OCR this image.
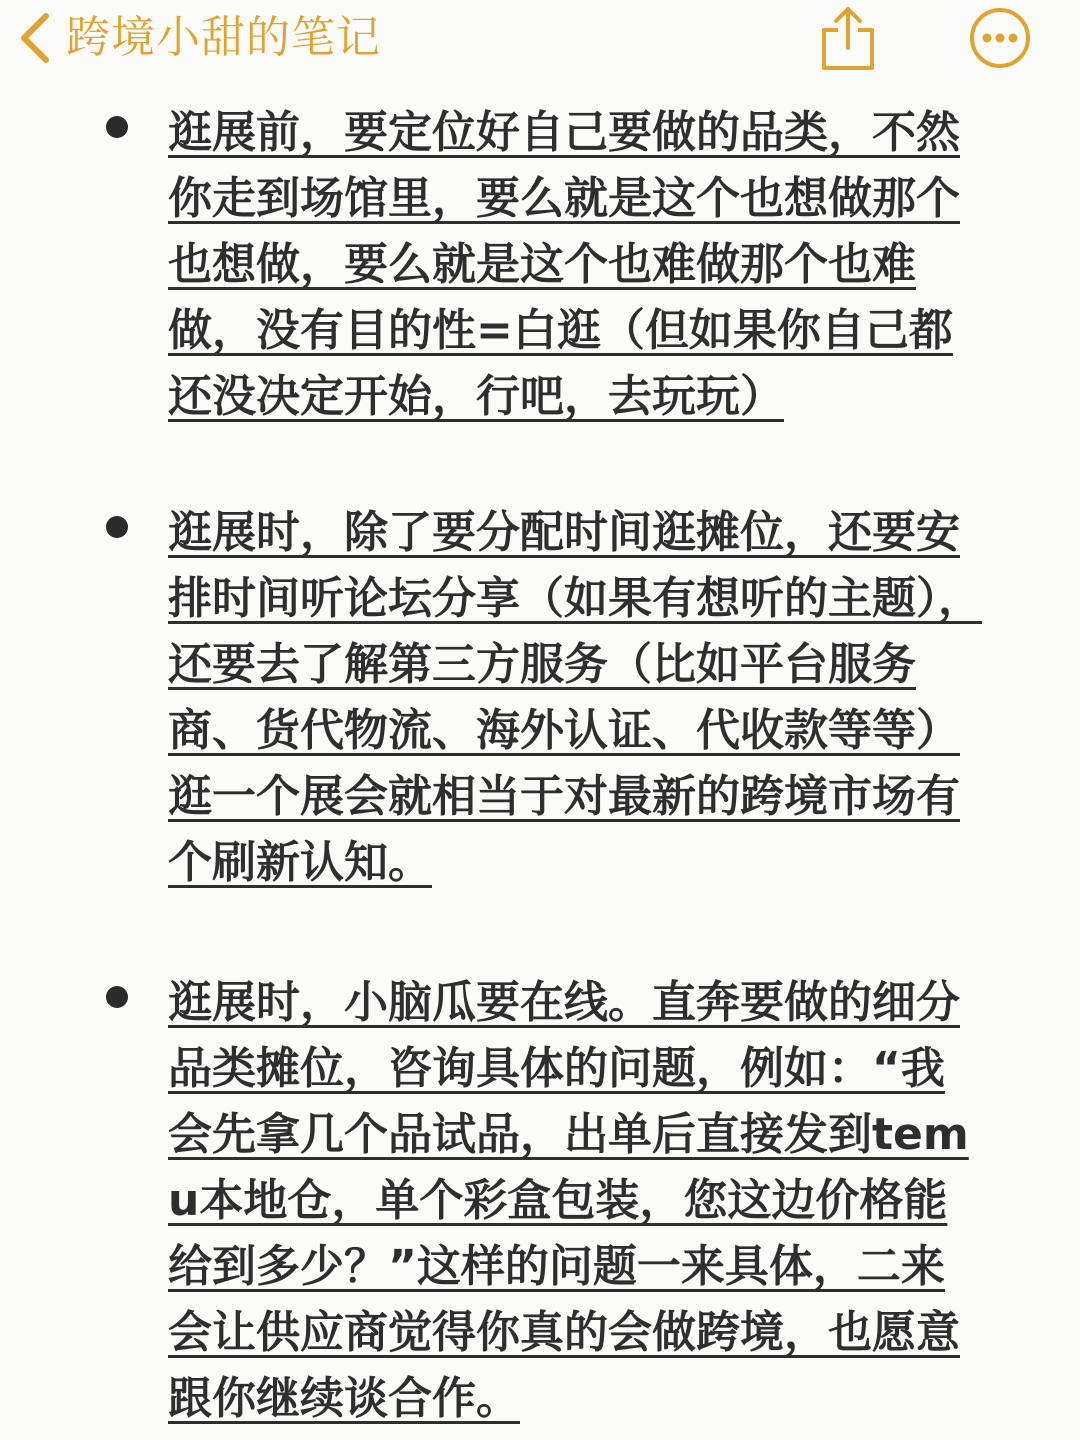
跨境小甜的笔记

逛展前，要定位好自己要做的品类，不然你走到场馆里，要么就是这个也想做那个也想做，要么就是这个也难做那个也难做，没有目的性=白逛（但如果你自己都还没决定开始，行吧，去玩玩）

逛展时，除了要分配时间逛摊位，还要安排时间听论坛分享（如果有想听的主题），还要去了解第三方服务（比如平台服务商、货代物流、海外认证、代收款等等）逛一个展会就相当于对最新的跨境市场有个刷新认知。

逛展时，小脑瓜要在线。直奔要做的细分品类摊位，咨询具体的问题，例如：“我会先拿几个品试品，出单后直接发到temu本地仓，单个彩盒包装，您这边价格能给到多少？”这样的问题一来具体，二来会让供应商觉得你真的会做跨境，也愿意跟你继续谈合作。
